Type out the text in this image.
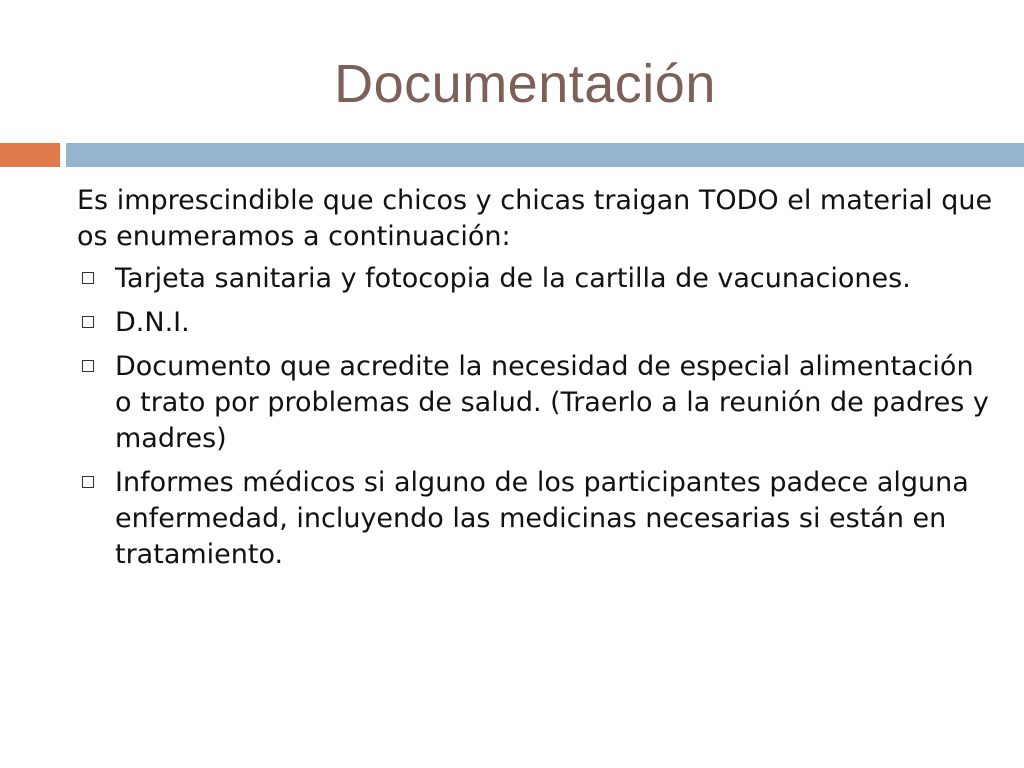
Documentación

Es imprescindible que chicos y chicas traigan TODO el material que os enumeramos a continuación:

Tarjeta sanitaria y fotocopia de la cartilla de vacunaciones.
D.N.I.
Documento que acredite la necesidad de especial alimentación o trato por problemas de salud. (Traerlo a la reunión de padres y madres)
Informes médicos si alguno de los participantes padece alguna enfermedad, incluyendo las medicinas necesarias si están en tratamiento.
